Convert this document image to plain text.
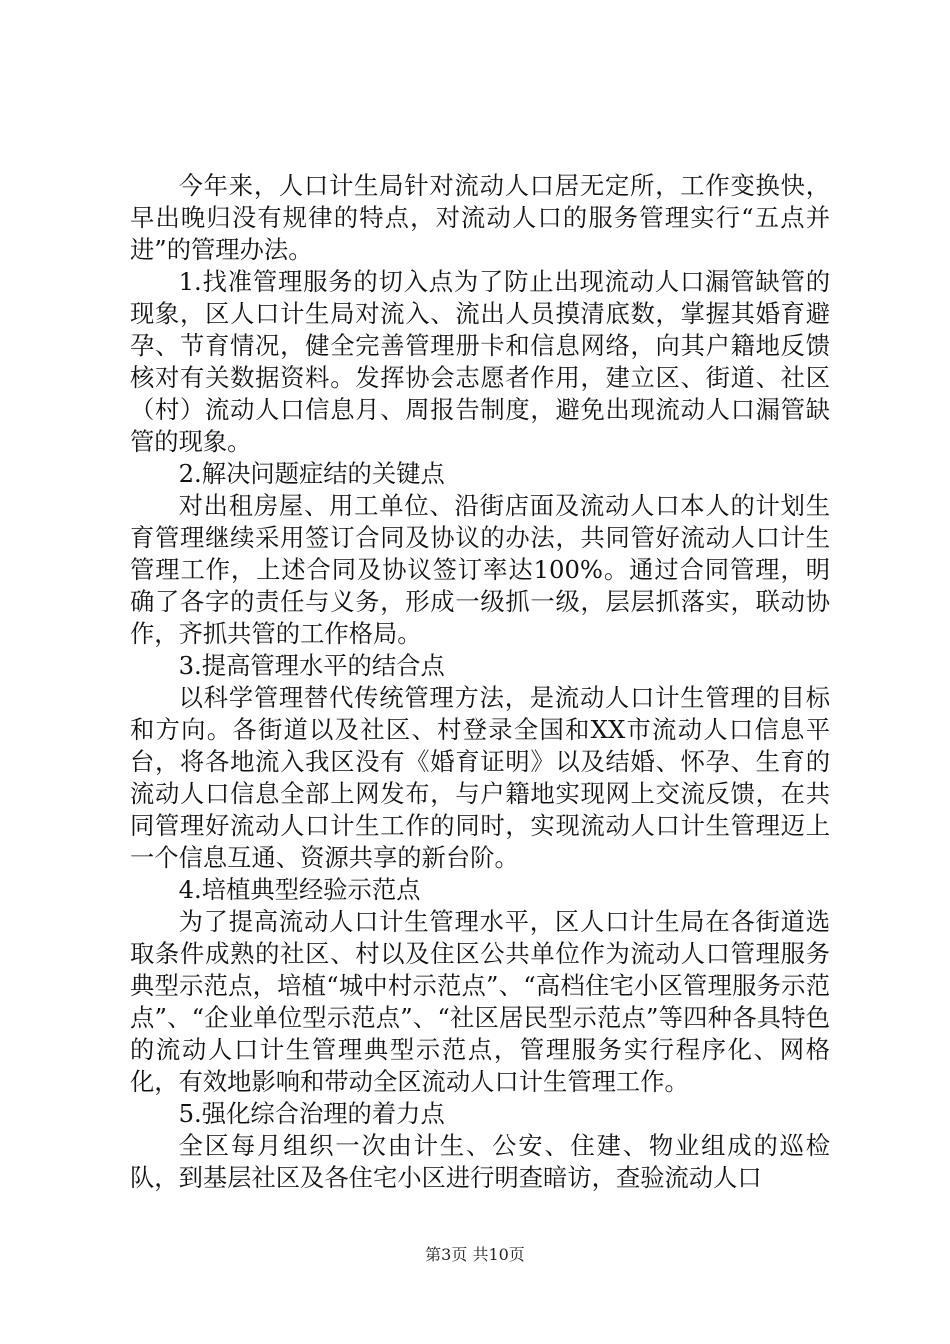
今年来，人口计生局针对流动人口居无定所，工作变换快，早出晚归没有规律的特点，对流动人口的服务管理实行“五点并进”的管理办法。

1.找准管理服务的切入点为了防止出现流动人口漏管缺管的现象，区人口计生局对流入、流出人员摸清底数，掌握其婚育避孕、节育情况，健全完善管理册卡和信息网络，向其户籍地反馈核对有关数据资料。发挥协会志愿者作用，建立区、街道、社区（村）流动人口信息月、周报告制度，避免出现流动人口漏管缺管的现象。

2.解决问题症结的关键点

对出租房屋、用工单位、沿街店面及流动人口本人的计划生育管理继续采用签订合同及协议的办法，共同管好流动人口计生管理工作，上述合同及协议签订率达100%。通过合同管理，明确了各字的责任与义务，形成一级抓一级，层层抓落实，联动协作，齐抓共管的工作格局。

3.提高管理水平的结合点

以科学管理替代传统管理方法，是流动人口计生管理的目标和方向。各街道以及社区、村登录全国和XX市流动人口信息平台，将各地流入我区没有《婚育证明》以及结婚、怀孕、生育的流动人口信息全部上网发布，与户籍地实现网上交流反馈，在共同管理好流动人口计生工作的同时，实现流动人口计生管理迈上一个信息互通、资源共享的新台阶。

4.培植典型经验示范点

为了提高流动人口计生管理水平，区人口计生局在各街道选取条件成熟的社区、村以及住区公共单位作为流动人口管理服务典型示范点，培植“城中村示范点”、“高档住宅小区管理服务示范点”、“企业单位型示范点”、“社区居民型示范点”等四种各具特色的流动人口计生管理典型示范点，管理服务实行程序化、网格化，有效地影响和带动全区流动人口计生管理工作。

5.强化综合治理的着力点

全区每月组织一次由计生、公安、住建、物业组成的巡检队，到基层社区及各住宅小区进行明查暗访，查验流动人口

第3页 共10页
